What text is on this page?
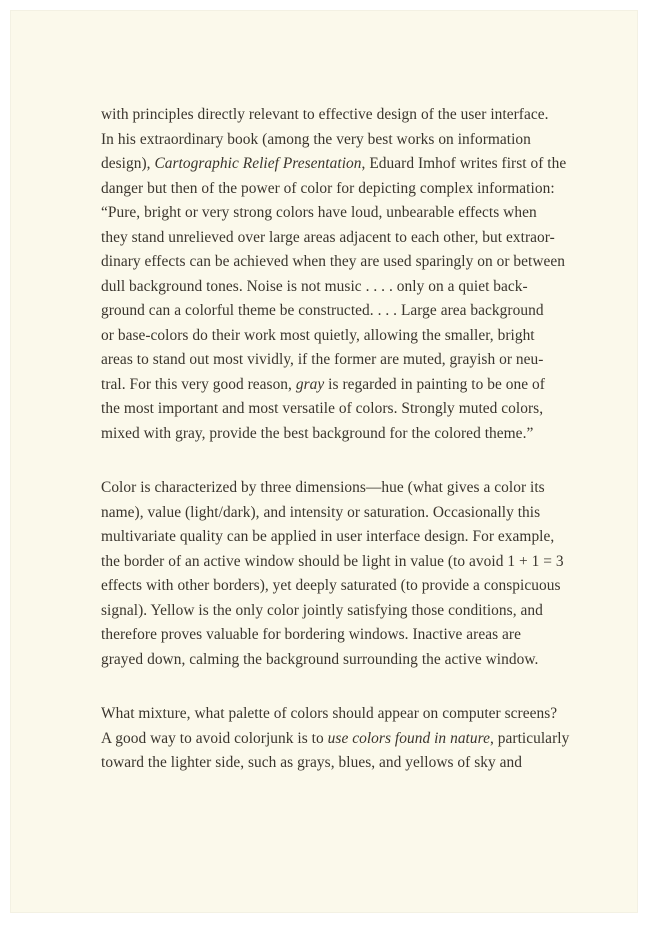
with principles directly relevant to effective design of the user interface.
In his extraordinary book (among the very best works on information
design), Cartographic Relief Presentation, Eduard Imhof writes first of the
danger but then of the power of color for depicting complex information:
“Pure, bright or very strong colors have loud, unbearable effects when
they stand unrelieved over large areas adjacent to each other, but extraor-
dinary effects can be achieved when they are used sparingly on or between
dull background tones. Noise is not music . . . . only on a quiet back-
ground can a colorful theme be constructed. . . . Large area background
or base-colors do their work most quietly, allowing the smaller, bright
areas to stand out most vividly, if the former are muted, grayish or neu-
tral. For this very good reason, gray is regarded in painting to be one of
the most important and most versatile of colors. Strongly muted colors,
mixed with gray, provide the best background for the colored theme.”
Color is characterized by three dimensions—hue (what gives a color its
name), value (light/dark), and intensity or saturation. Occasionally this
multivariate quality can be applied in user interface design. For example,
the border of an active window should be light in value (to avoid 1 + 1 = 3
effects with other borders), yet deeply saturated (to provide a conspicuous
signal). Yellow is the only color jointly satisfying those conditions, and
therefore proves valuable for bordering windows. Inactive areas are
grayed down, calming the background surrounding the active window.
What mixture, what palette of colors should appear on computer screens?
A good way to avoid colorjunk is to use colors found in nature, particularly
toward the lighter side, such as grays, blues, and yellows of sky and
